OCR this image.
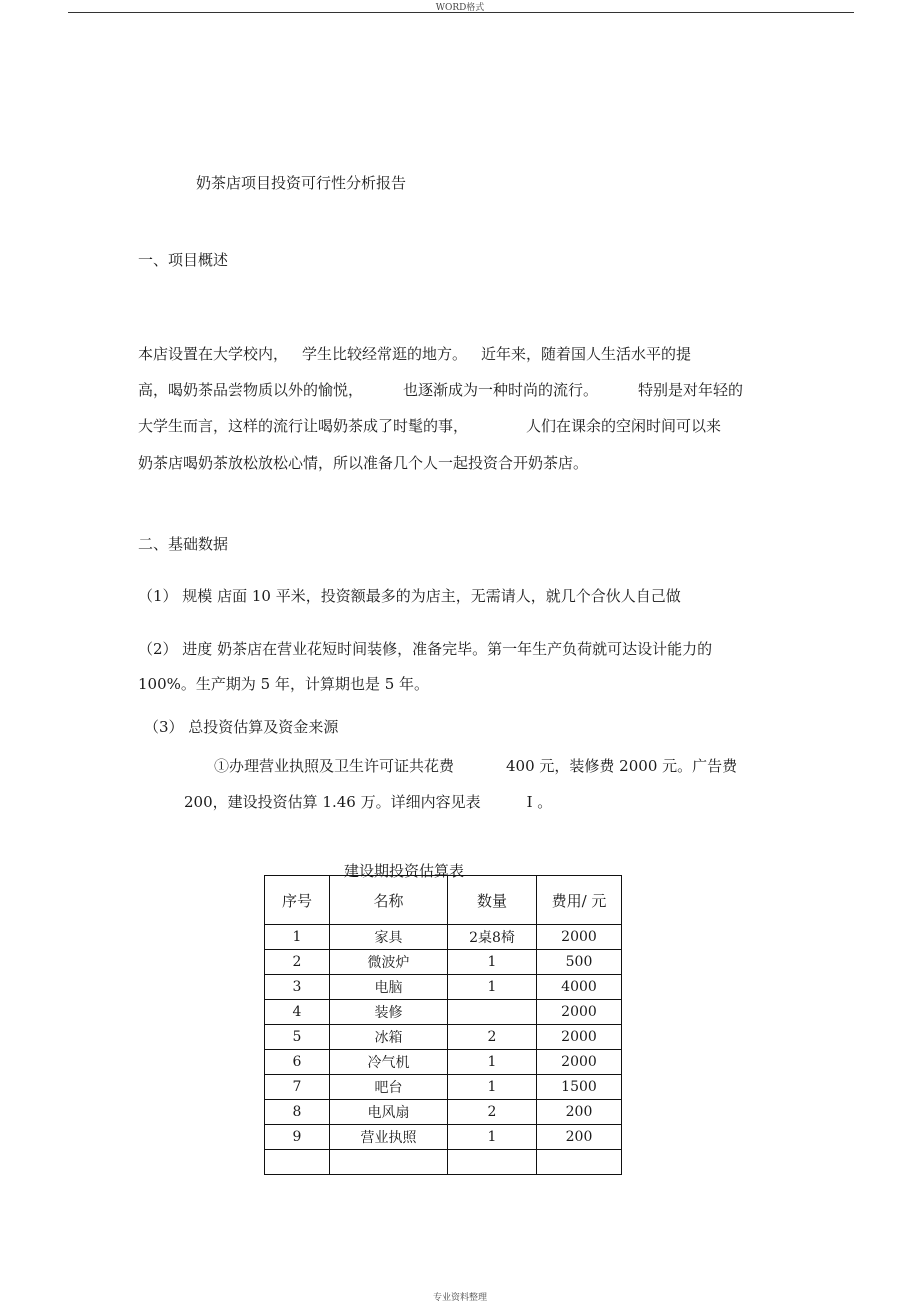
WORD格式
奶茶店项目投资可行性分析报告
一、项目概述
本店设置在大学校内， 学生比较经常逛的地方。 近年来，随着国人生活水平的提
高，喝奶茶品尝物质以外的愉悦，	也逐渐成为一种时尚的流行。	特别是对年轻的
大学生而言，这样的流行让喝奶茶成了时髦的事，	人们在课余的空闲时间可以来
奶茶店喝奶茶放松放松心情，所以准备几个人一起投资合开奶茶店。
二、基础数据
（1） 规模 店面 10 平米，投资额最多的为店主，无需请人，就几个合伙人自己做
（2） 进度 奶茶店在营业花短时间装修，准备完毕。第一年生产负荷就可达设计能力的
100%。生产期为 5 年，计算期也是 5 年。
（3） 总投资估算及资金来源
①办理营业执照及卫生许可证共花费	400 元，装修费 2000 元。广告费
200，建设投资估算 1.46 万。详细内容见表	Ⅰ 。
建设期投资估算表
序号	名称	数量	费用/ 元
1	家具	2桌8椅	2000
2	微波炉	1	500
3	电脑	1	4000
4	装修		2000
5	冰箱	2	2000
6	冷气机	1	2000
7	吧台	1	1500
8	电风扇	2	200
9	营业执照	1	200

专业资料整理
